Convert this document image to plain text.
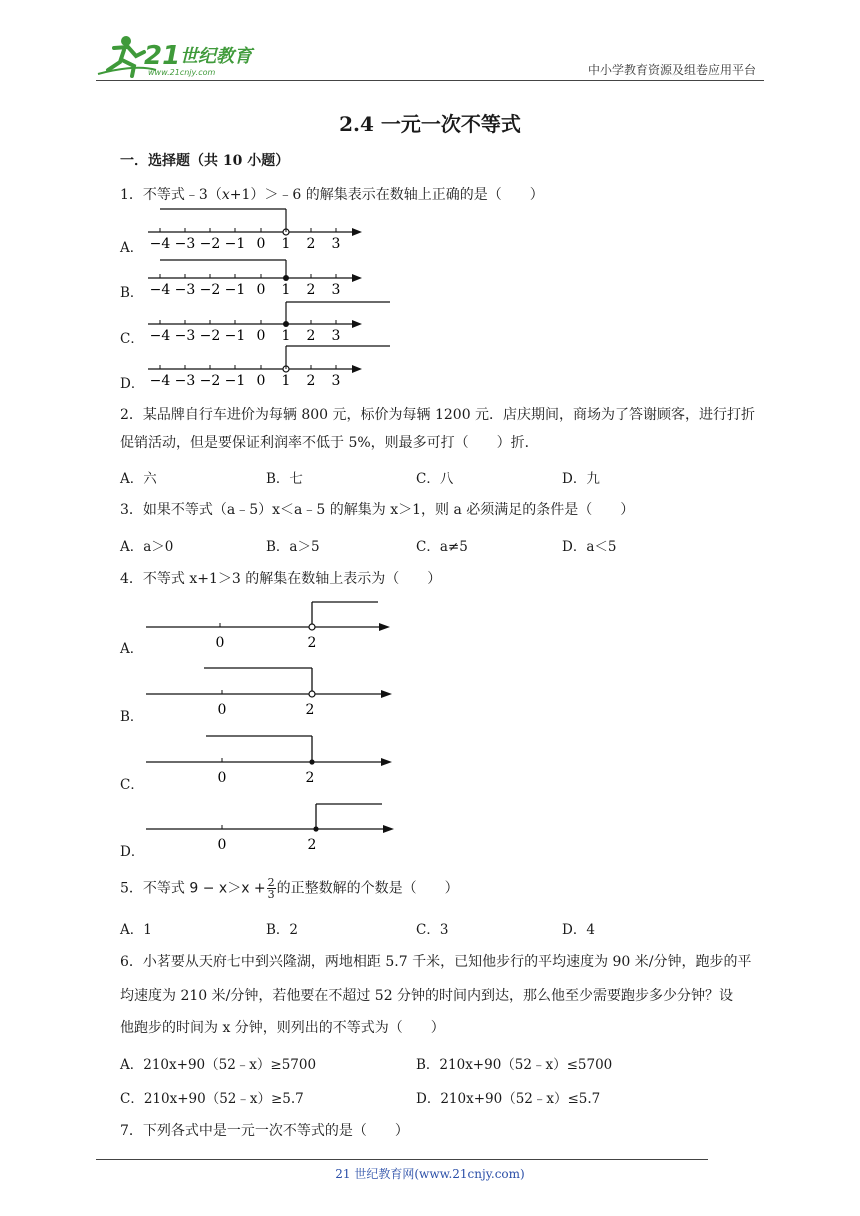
21 世纪教育
www.21cnjy.com	中小学教育资源及组卷应用平台
2.4 一元一次不等式
一．选择题（共 10 小题）
1．不等式﹣3（x+1）＞﹣6 的解集表示在数轴上正确的是（　　）
A．
B．
C．
D．
−4 −3 −2 −1 0 1 2 3
−4 −3 −2 −1 0 1 2 3
−4 −3 −2 −1 0 1 2 3
−4 −3 −2 −1 0 1 2 3
2．某品牌自行车进价为每辆 800 元，标价为每辆 1200 元．店庆期间，商场为了答谢顾客，进行打折
促销活动，但是要保证利润率不低于 5%，则最多可打（　　）折．
A．六	B．七	C．八	D．九
3．如果不等式（a﹣5）x＜a﹣5 的解集为 x＞1，则 a 必须满足的条件是（　　）
A．a＞0	B．a＞5	C．a≠5	D．a＜5
4．不等式 x+1＞3 的解集在数轴上表示为（　　）
A．
B．
C．
D．
0	2
0	2
0	2
0	2
5．不等式 $9 - x>x + \frac{2}{3}$ 的正整数解的个数是（　　）
A．1	B．2	C．3	D．4
6．小茗要从天府七中到兴隆湖，两地相距 5.7 千米，已知他步行的平均速度为 90 米/分钟，跑步的平
均速度为 210 米/分钟，若他要在不超过 52 分钟的时间内到达，那么他至少需要跑步多少分钟？设
他跑步的时间为 x 分钟，则列出的不等式为（　　）
A．210x+90（52﹣x）≥5700	B．210x+90（52﹣x）≤5700
C．210x+90（52﹣x）≥5.7	D．210x+90（52﹣x）≤5.7
7．下列各式中是一元一次不等式的是（　　）
21 世纪教育网(www.21cnjy.com)
